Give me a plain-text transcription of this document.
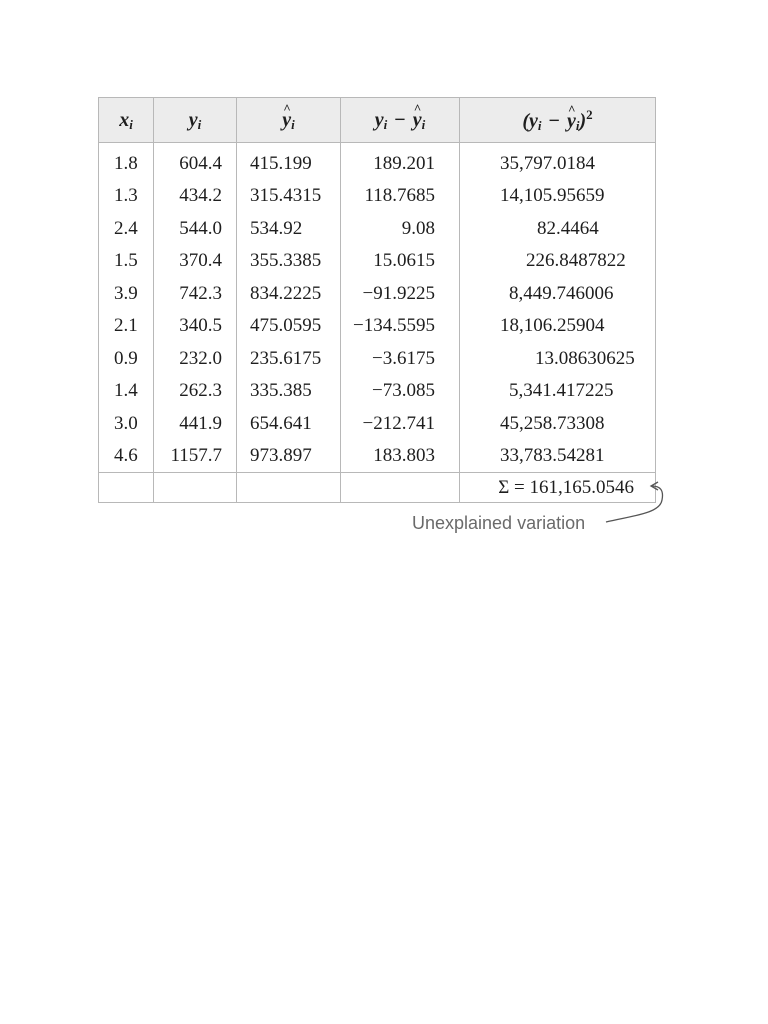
$x_i$	$y_i$	^ $y_i$	$y_i$ − ^ $y_i$	($y_i$ − ^ $y_i)^2$
1.8	604.4	415.199	189.201	35,797.0184
1.3	434.2	315.4315	118.7685	14,105.95659
2.4	544.0	534.92	9.08	82.4464
1.5	370.4	355.3385	15.0615	226.8487822
3.9	742.3	834.2225	−91.9225	8,449.746006
2.1	340.5	475.0595	−134.5595	18,106.25904
0.9	232.0	235.6175	−3.6175	13.08630625
1.4	262.3	335.385	−73.085	5,341.417225
3.0	441.9	654.641	−212.741	45,258.73308
4.6	1157.7	973.897	183.803	33,783.54281
				Σ = 161,165.0546
Unexplained variation
